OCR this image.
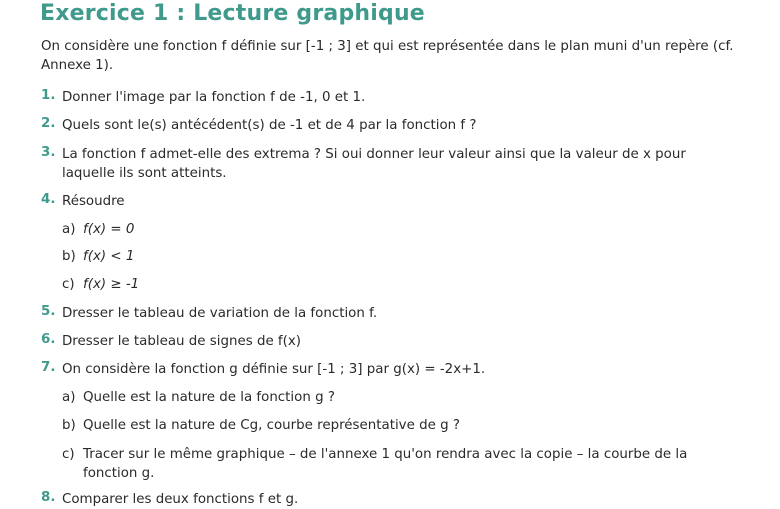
Exercice 1 : Lecture graphique
On considère une fonction f définie sur [-1 ; 3] et qui est représentée dans le plan muni d'un repère (cf. Annexe 1).
1. Donner l'image par la fonction f de -1, 0 et 1.
2. Quels sont le(s) antécédent(s) de -1 et de 4 par la fonction f ?
3. La fonction f admet-elle des extrema ? Si oui donner leur valeur ainsi que la valeur de x pour laquelle ils sont atteints.
4. Résoudre
a) f(x) = 0
b) f(x) < 1
c) f(x) ≥ -1
5. Dresser le tableau de variation de la fonction f.
6. Dresser le tableau de signes de f(x)
7. On considère la fonction g définie sur [-1 ; 3] par g(x) = -2x+1.
a) Quelle est la nature de la fonction g ?
b) Quelle est la nature de Cg, courbe représentative de g ?
c) Tracer sur le même graphique – de l'annexe 1 qu'on rendra avec la copie – la courbe de la fonction g.
8. Comparer les deux fonctions f et g.
